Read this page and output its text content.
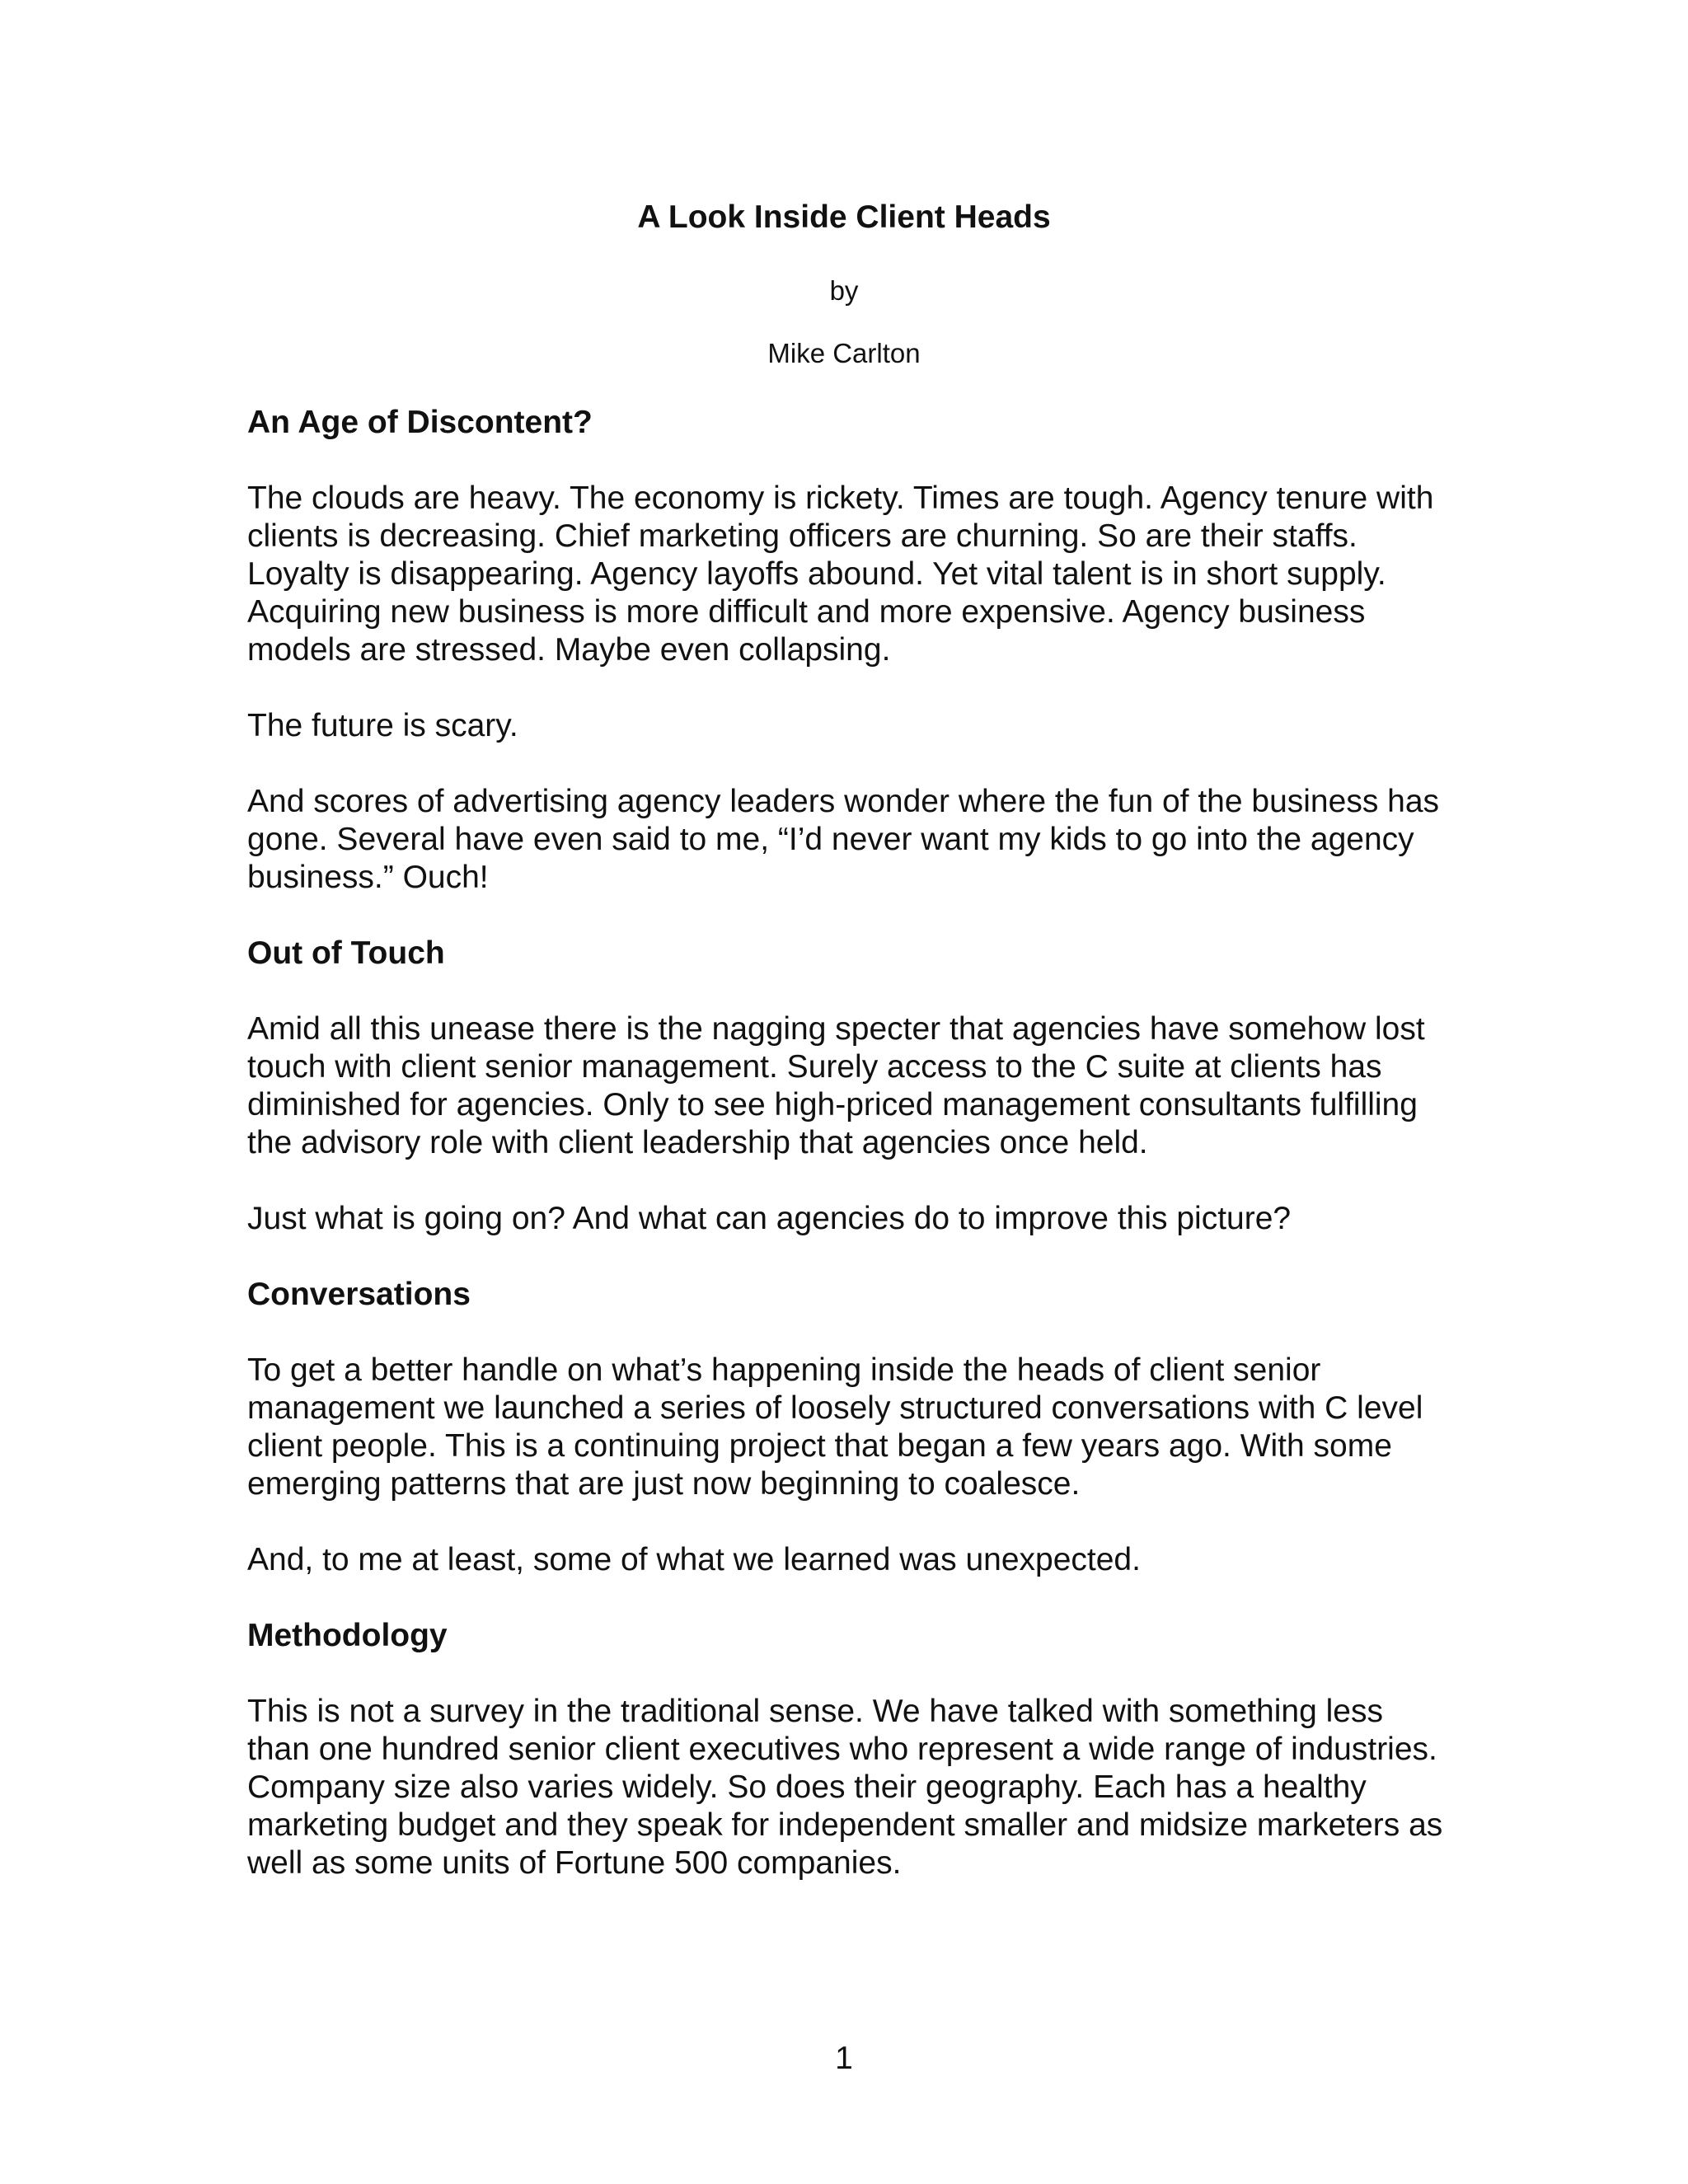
A Look Inside Client Heads

by

Mike Carlton

An Age of Discontent?

The clouds are heavy. The economy is rickety. Times are tough. Agency tenure with clients is decreasing. Chief marketing officers are churning. So are their staffs. Loyalty is disappearing. Agency layoffs abound. Yet vital talent is in short supply. Acquiring new business is more difficult and more expensive. Agency business models are stressed. Maybe even collapsing.

The future is scary.

And scores of advertising agency leaders wonder where the fun of the business has gone. Several have even said to me, “I’d never want my kids to go into the agency business.” Ouch!

Out of Touch

Amid all this unease there is the nagging specter that agencies have somehow lost touch with client senior management. Surely access to the C suite at clients has diminished for agencies. Only to see high-priced management consultants fulfilling the advisory role with client leadership that agencies once held.

Just what is going on? And what can agencies do to improve this picture?

Conversations

To get a better handle on what’s happening inside the heads of client senior management we launched a series of loosely structured conversations with C level client people. This is a continuing project that began a few years ago. With some emerging patterns that are just now beginning to coalesce.

And, to me at least, some of what we learned was unexpected.

Methodology

This is not a survey in the traditional sense. We have talked with something less than one hundred senior client executives who represent a wide range of industries. Company size also varies widely. So does their geography. Each has a healthy marketing budget and they speak for independent smaller and midsize marketers as well as some units of Fortune 500 companies.

1
